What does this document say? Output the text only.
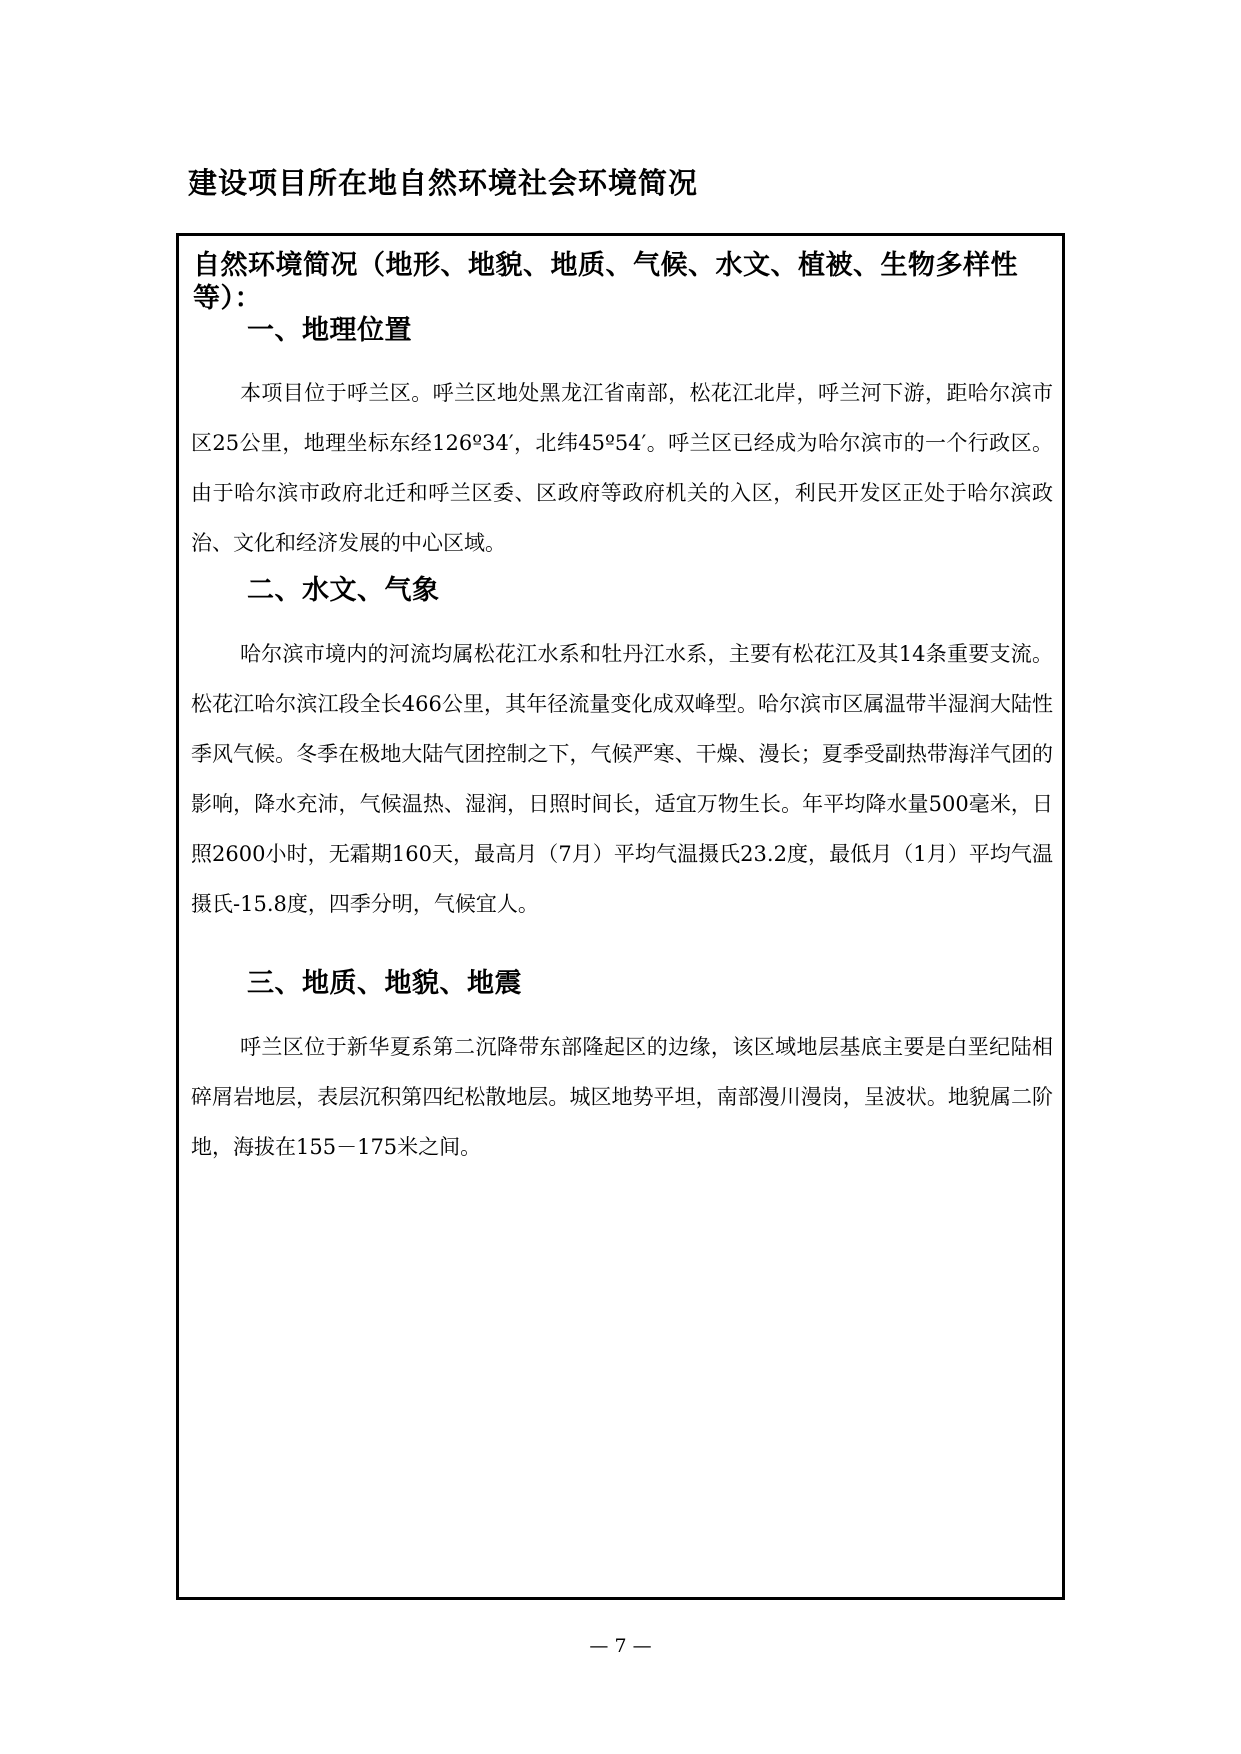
建设项目所在地自然环境社会环境简况

自然环境简况（地形、地貌、地质、气候、水文、植被、生物多样性等）：

一、地理位置

本项目位于呼兰区。呼兰区地处黑龙江省南部，松花江北岸，呼兰河下游，距哈尔滨市区25公里，地理坐标东经126º34′，北纬45º54′。呼兰区已经成为哈尔滨市的一个行政区。由于哈尔滨市政府北迁和呼兰区委、区政府等政府机关的入区，利民开发区正处于哈尔滨政治、文化和经济发展的中心区域。

二、水文、气象

哈尔滨市境内的河流均属松花江水系和牡丹江水系，主要有松花江及其14条重要支流。松花江哈尔滨江段全长466公里，其年径流量变化成双峰型。哈尔滨市区属温带半湿润大陆性季风气候。冬季在极地大陆气团控制之下，气候严寒、干燥、漫长；夏季受副热带海洋气团的影响，降水充沛，气候温热、湿润，日照时间长，适宜万物生长。年平均降水量500毫米，日照2600小时，无霜期160天，最高月（7月）平均气温摄氏23.2度，最低月（1月）平均气温摄氏-15.8度，四季分明，气候宜人。

三、地质、地貌、地震

呼兰区位于新华夏系第二沉降带东部隆起区的边缘，该区域地层基底主要是白垩纪陆相碎屑岩地层，表层沉积第四纪松散地层。城区地势平坦，南部漫川漫岗，呈波状。地貌属二阶地，海拔在155－175米之间。

— 7 —
